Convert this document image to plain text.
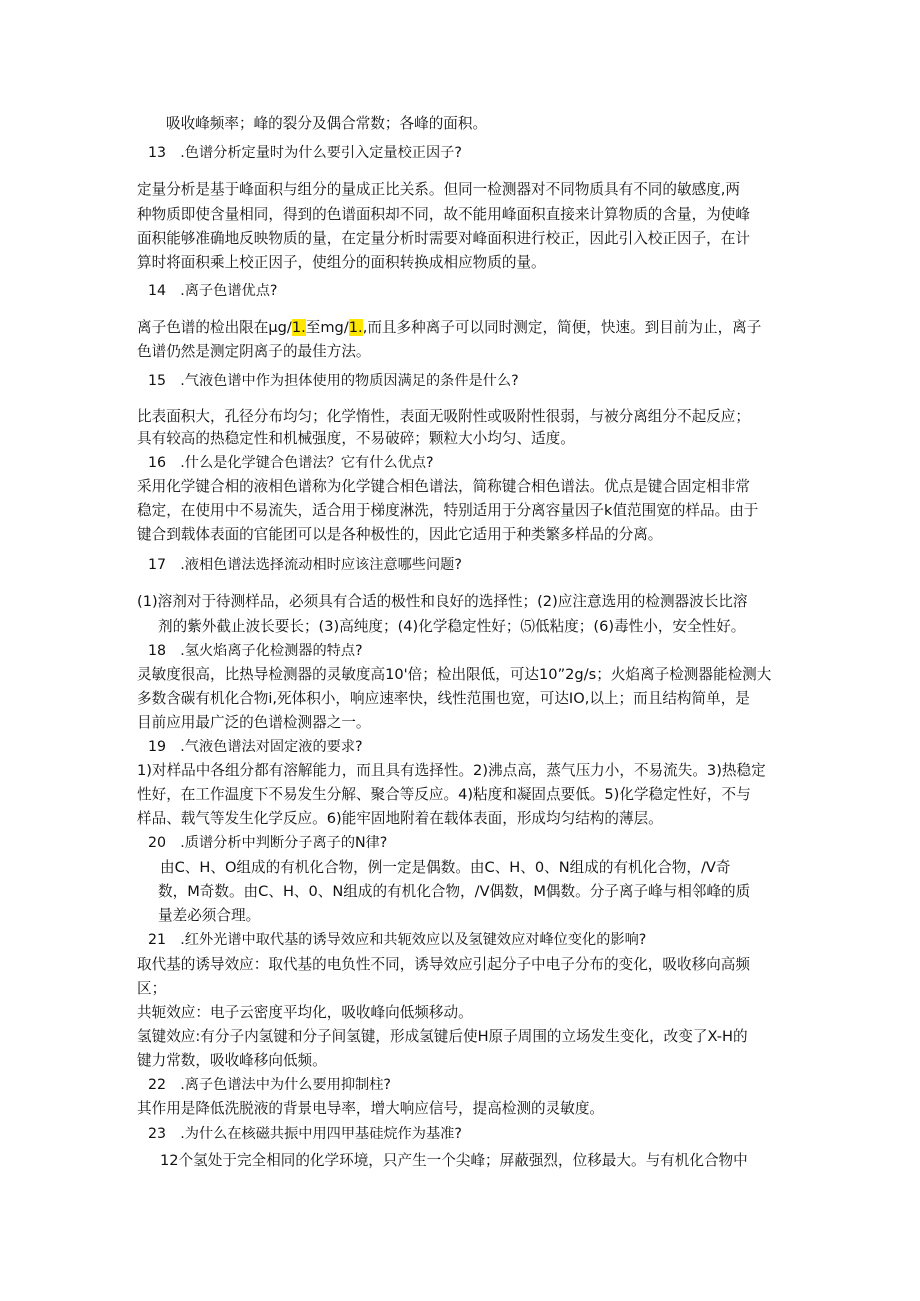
吸收峰频率；峰的裂分及偶合常数；各峰的面积。
13　.色谱分析定量时为什么要引入定量校正因子?
定量分析是基于峰面积与组分的量成正比关系。但同一检测器对不同物质具有不同的敏感度,两
种物质即使含量相同，得到的色谱面积却不同，故不能用峰面积直接来计算物质的含量，为使峰
面积能够准确地反映物质的量，在定量分析时需要对峰面积进行校正，因此引入校正因子，在计
算时将面积乘上校正因子，使组分的面积转换成相应物质的量。
14　.离子色谱优点?
离子色谱的检出限在μg/1.至mg/1.,而且多种离子可以同时测定，简便，快速。到目前为止，离子
色谱仍然是测定阴离子的最佳方法。
15　.气液色谱中作为担体使用的物质因满足的条件是什么?
比表面积大，孔径分布均匀；化学惰性，表面无吸附性或吸附性很弱，与被分离组分不起反应；
具有较高的热稳定性和机械强度，不易破碎；颗粒大小均匀、适度。
16　.什么是化学键合色谱法？它有什么优点?
采用化学键合相的液相色谱称为化学键合相色谱法，简称键合相色谱法。优点是键合固定相非常
稳定，在使用中不易流失，适合用于梯度淋洗，特别适用于分离容量因子k值范围宽的样品。由于
键合到载体表面的官能团可以是各种极性的，因此它适用于种类繁多样品的分离。
17　.液相色谱法选择流动相时应该注意哪些问题?
(1)溶剂对于待测样品，必须具有合适的极性和良好的选择性；(2)应注意选用的检测器波长比溶
剂的紫外截止波长要长；(3)高纯度；(4)化学稳定性好；⑸低粘度；(6)毒性小，安全性好。
18　.氢火焰离子化检测器的特点?
灵敏度很高，比热导检测器的灵敏度高10'倍；检出限低，可达10”2g∕s；火焰离子检测器能检测大
多数含碳有机化合物i,死体积小，响应速率快，线性范围也宽，可达IO,以上；而且结构简单，是
目前应用最广泛的色谱检测器之一。
19　.气液色谱法对固定液的要求?
1)对样品中各组分都有溶解能力，而且具有选择性。2)沸点高，蒸气压力小，不易流失。3)热稳定
性好，在工作温度下不易发生分解、聚合等反应。4)粘度和凝固点要低。5)化学稳定性好，不与
样品、载气等发生化学反应。6)能牢固地附着在载体表面，形成均匀结构的薄层。
20　.质谱分析中判断分子离子的N律?
由C、H、O组成的有机化合物，例一定是偶数。由C、H、0、N组成的有机化合物，/V奇
数，M奇数。由C、H、0、N组成的有机化合物，/V偶数，M偶数。分子离子峰与相邻峰的质
量差必须合理。
21　.红外光谱中取代基的诱导效应和共轭效应以及氢键效应对峰位变化的影响?
取代基的诱导效应：取代基的电负性不同，诱导效应引起分子中电子分布的变化，吸收移向高频
区；
共轭效应：电子云密度平均化，吸收峰向低频移动。
氢键效应:有分子内氢键和分子间氢键，形成氢键后使H原子周围的立场发生变化，改变了X-H的
键力常数，吸收峰移向低频。
22　.离子色谱法中为什么要用抑制柱?
其作用是降低洗脱液的背景电导率，增大响应信号，提高检测的灵敏度。
23　.为什么在核磁共振中用四甲基硅烷作为基准?
12个氢处于完全相同的化学环境，只产生一个尖峰；屏蔽强烈，位移最大。与有机化合物中
